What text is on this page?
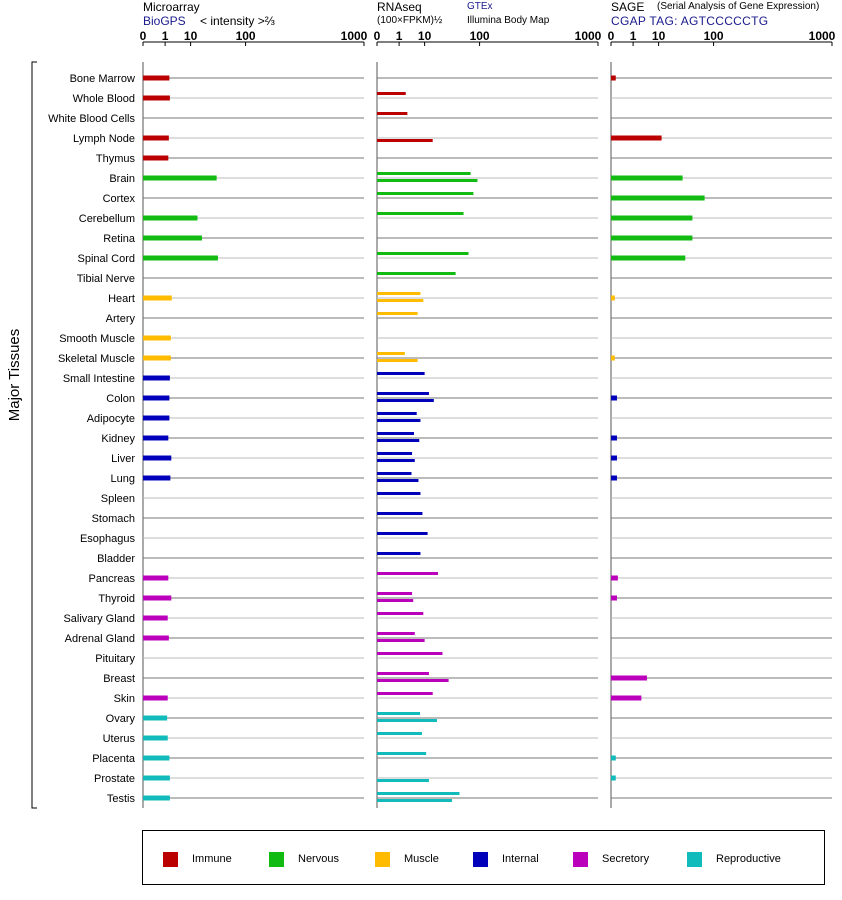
Microarray
BioGPS < intensity >⅔
RNAseq
(100×FPKM)½
GTEx
Illumina Body Map
SAGE (Serial Analysis of Gene Expression)
CGAP TAG: AGTCCCCCTG
Major Tissues
0 1 10	100	1000 0 1 10	100	1000 0 1 10	100	1000
Bone Marrow
Whole Blood
White Blood Cells
Lymph Node
Thymus
Brain
Cortex
Cerebellum
Retina
Spinal Cord
Tibial Nerve
Heart
Artery
Smooth Muscle
Skeletal Muscle
Small Intestine
Colon
Adipocyte
Kidney
Liver
Lung
Spleen
Stomach
Esophagus
Bladder
Pancreas
Thyroid
Salivary Gland
Adrenal Gland
Pituitary
Breast
Skin
Ovary
Uterus
Placenta
Prostate
Testis
Immune	Nervous	Muscle	Internal	Secretory	Reproductive
